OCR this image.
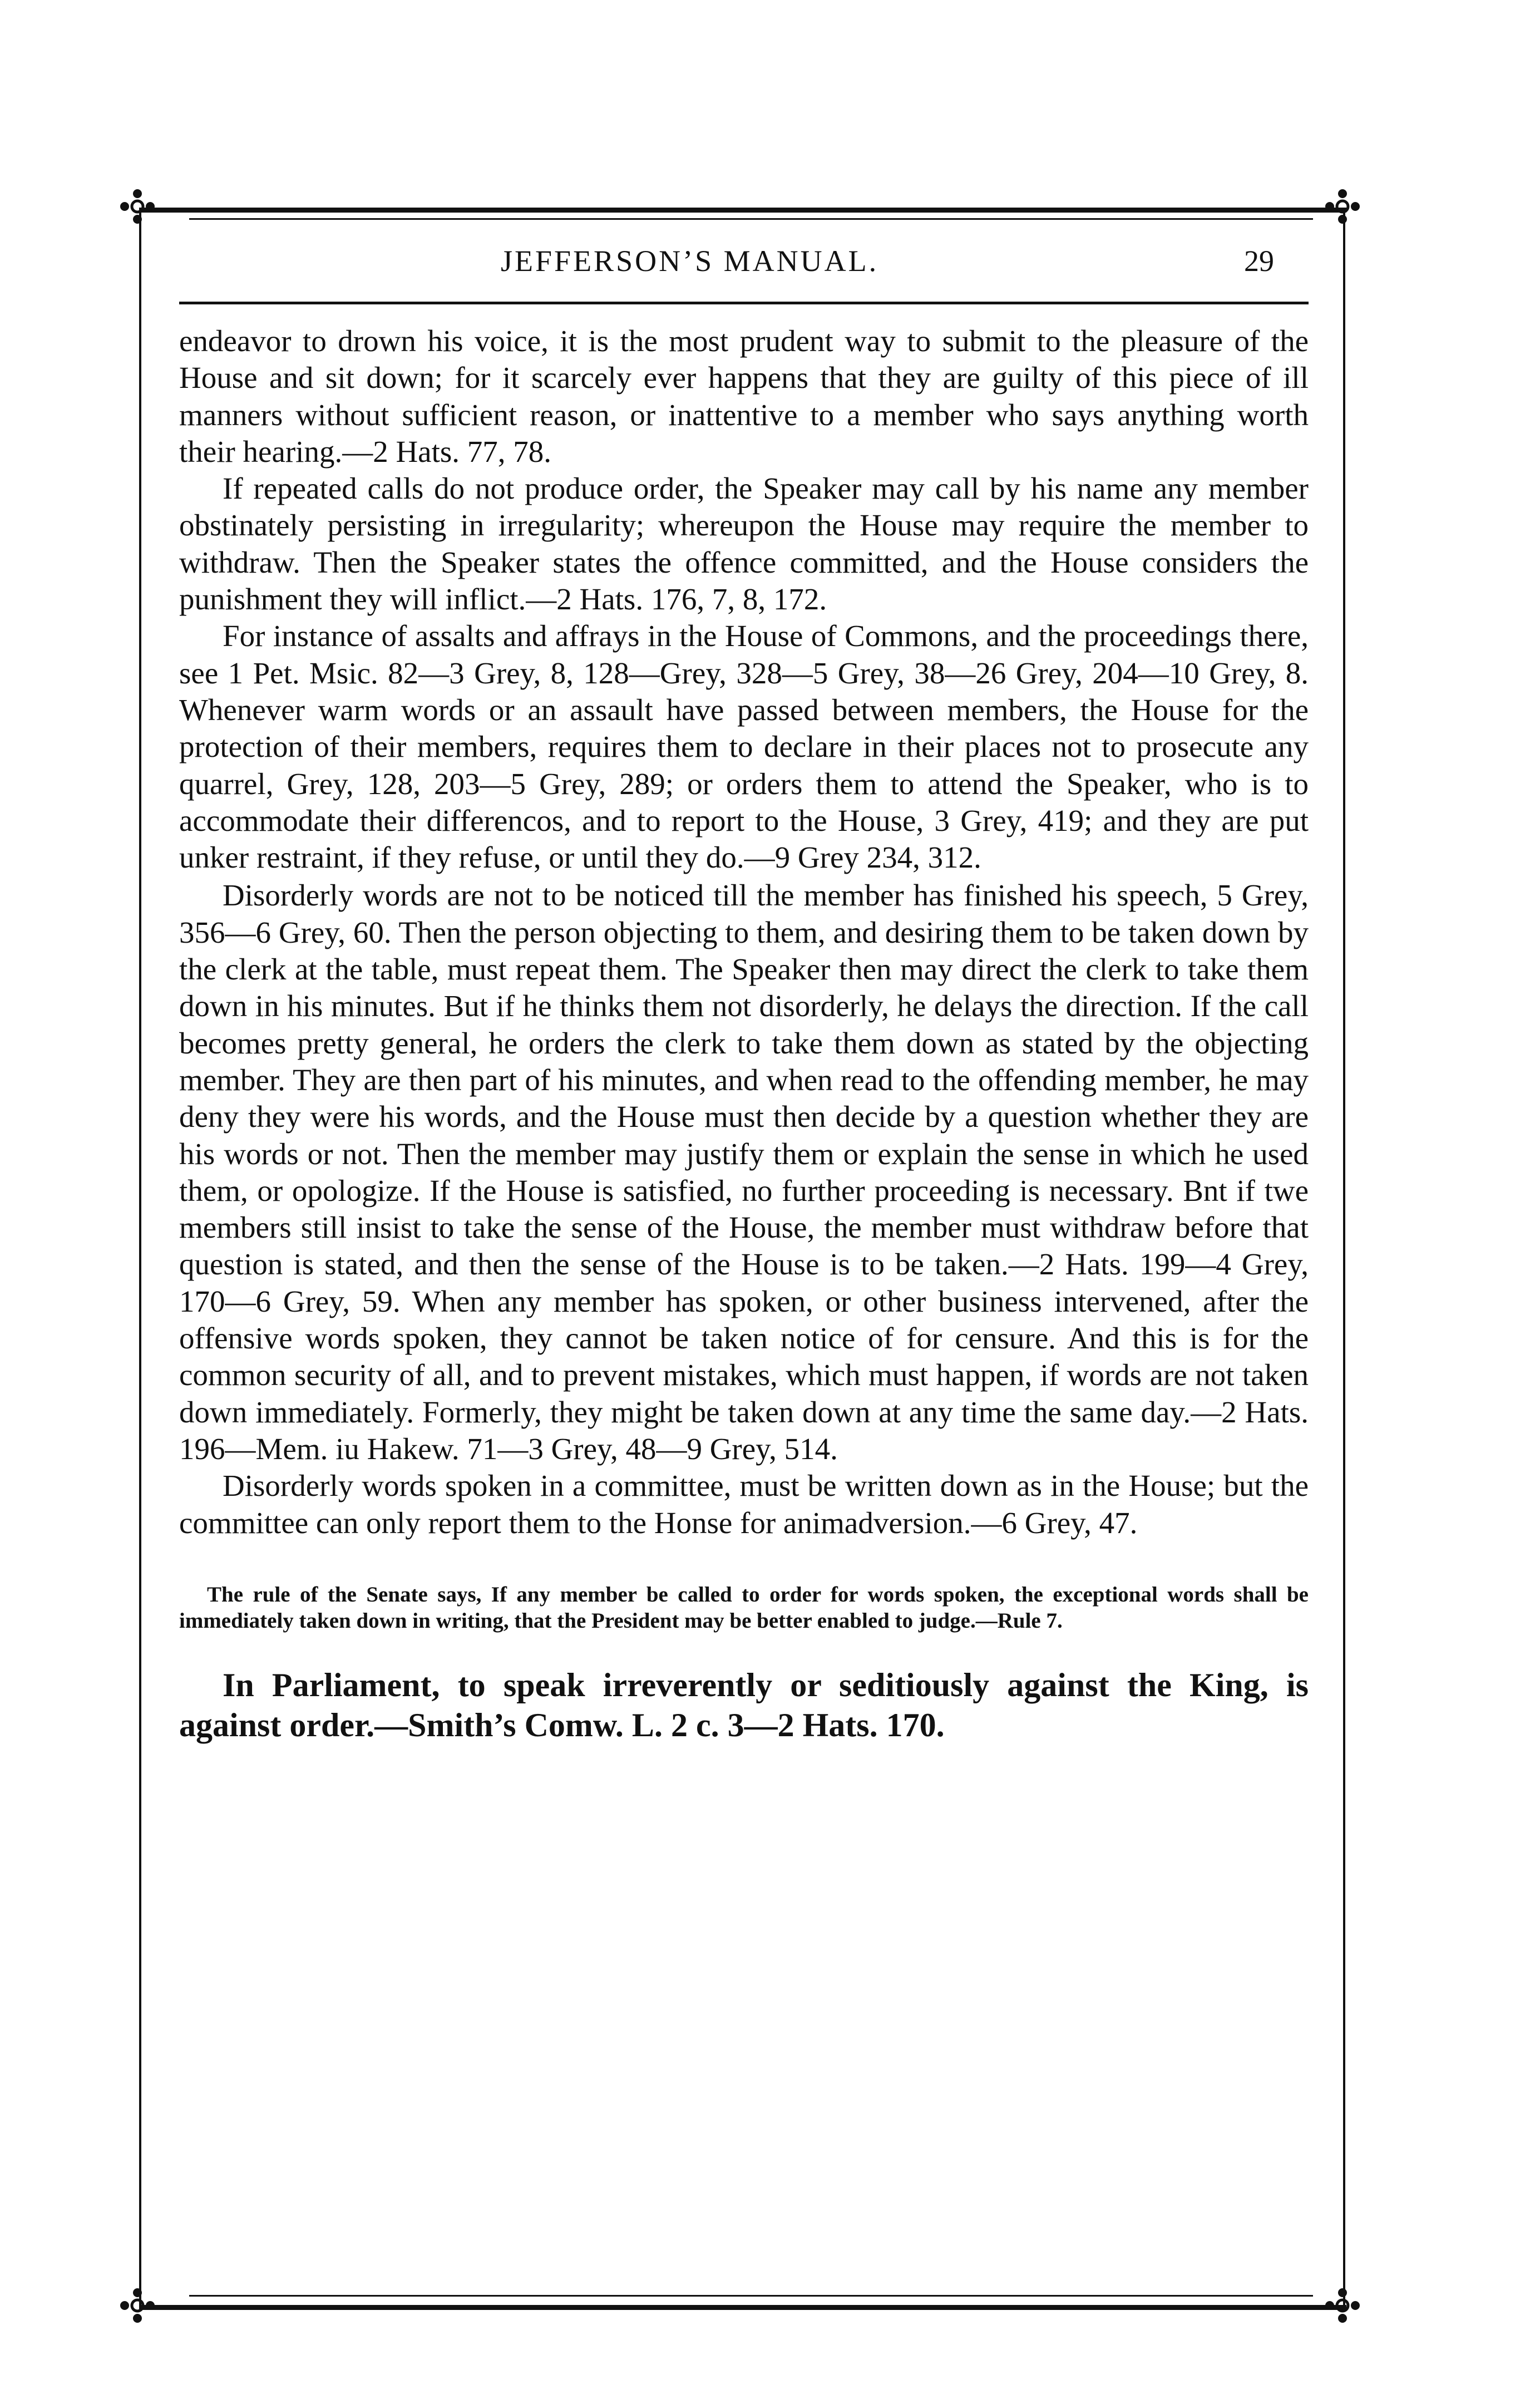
JEFFERSON’S MANUAL.	29

endeavor to drown his voice, it is the most prudent way to submit to the pleasure of the House and sit down; for it scarcely ever happens that they are guilty of this piece of ill manners without sufficient reason, or inattentive to a member who says anything worth their hearing.—2 Hats. 77, 78.

If repeated calls do not produce order, the Speaker may call by his name any member obstinately persisting in irregularity; whereupon the House may require the member to withdraw. Then the Speaker states the offence committed, and the House considers the punishment they will inflict.—2 Hats. 176, 7, 8, 172.

For instance of assalts and affrays in the House of Commons, and the proceedings there, see 1 Pet. Msic. 82—3 Grey, 8, 128—Grey, 328—5 Grey, 38—26 Grey, 204—10 Grey, 8. Whenever warm words or an assault have passed between members, the House for the protection of their members, requires them to declare in their places not to prosecute any quarrel, Grey, 128, 203—5 Grey, 289; or orders them to attend the Speaker, who is to accommodate their differencos, and to report to the House, 3 Grey, 419; and they are put unker restraint, if they refuse, or until they do.—9 Grey 234, 312.

Disorderly words are not to be noticed till the member has finished his speech, 5 Grey, 356—6 Grey, 60. Then the person objecting to them, and desiring them to be taken down by the clerk at the table, must repeat them. The Speaker then may direct the clerk to take them down in his minutes. But if he thinks them not disorderly, he delays the direction. If the call becomes pretty general, he orders the clerk to take them down as stated by the objecting member. They are then part of his minutes, and when read to the offending member, he may deny they were his words, and the House must then decide by a question whether they are his words or not. Then the member may justify them or explain the sense in which he used them, or opologize. If the House is satisfied, no further proceeding is necessary. Bnt if twe members still insist to take the sense of the House, the member must withdraw before that question is stated, and then the sense of the House is to be taken.—2 Hats. 199—4 Grey, 170—6 Grey, 59. When any member has spoken, or other business intervened, after the offensive words spoken, they cannot be taken notice of for censure. And this is for the common security of all, and to prevent mistakes, which must happen, if words are not taken down immediately. Formerly, they might be taken down at any time the same day.—2 Hats. 196—Mem. iu Hakew. 71—3 Grey, 48—9 Grey, 514.

Disorderly words spoken in a committee, must be written down as in the House; but the committee can only report them to the Honse for animadversion.—6 Grey, 47.

The rule of the Senate says, If any member be called to order for words spoken, the exceptional words shall be immediately taken down in writing, that the President may be better enabled to judge.—Rule 7.

In Parliament, to speak irreverently or seditiously against the King, is against order.—Smith’s Comw. L. 2 c. 3—2 Hats. 170.
